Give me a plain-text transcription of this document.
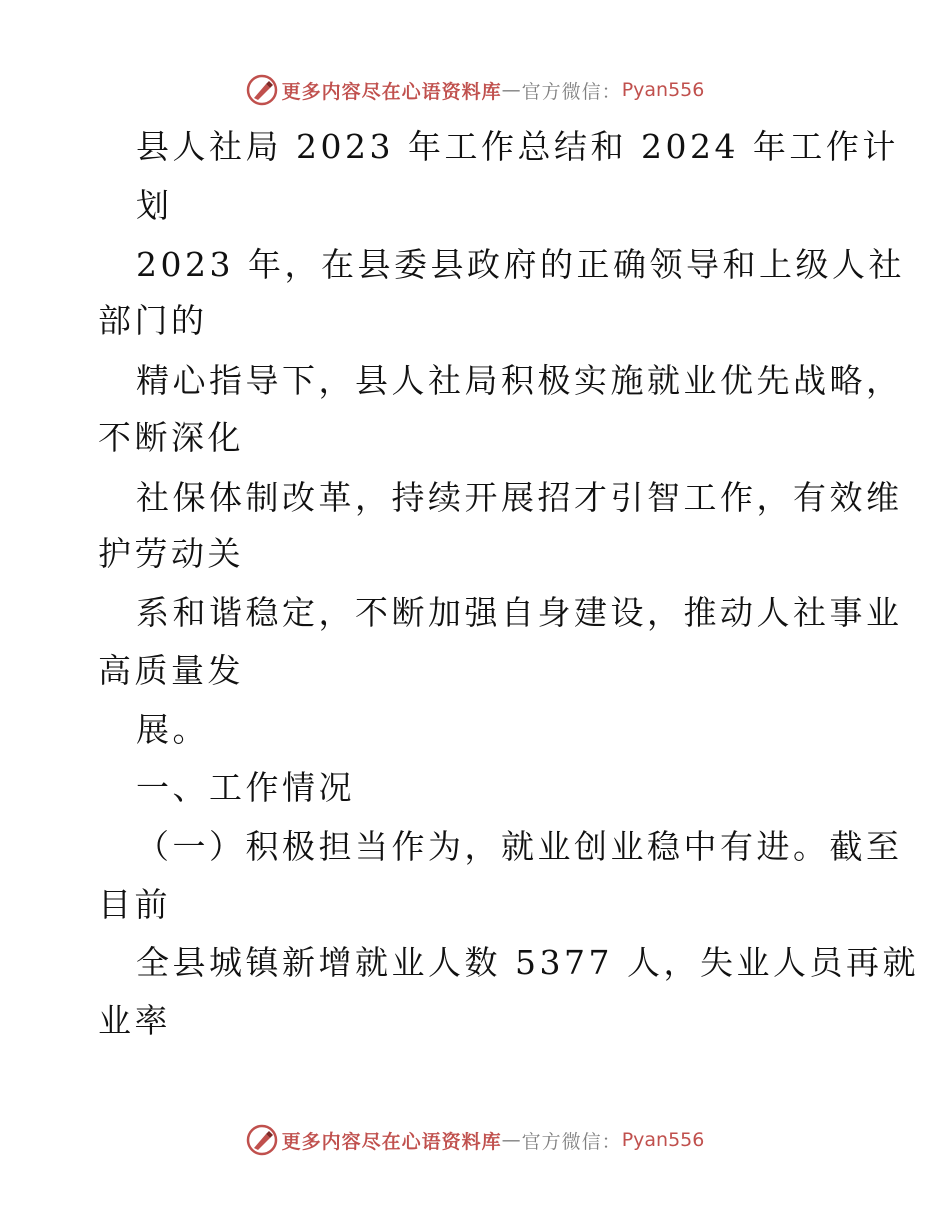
更多内容尽在心语资料库 — 官方微信： Pyan556
县人社局 2023 年工作总结和 2024 年工作计
划
2023 年，在县委县政府的正确领导和上级人社
部门的
精心指导下，县人社局积极实施就业优先战略，
不断深化
社保体制改革，持续开展招才引智工作，有效维
护劳动关
系和谐稳定，不断加强自身建设，推动人社事业
高质量发
展。
一、工作情况
（一）积极担当作为，就业创业稳中有进。截至
目前
全县城镇新增就业人数 5377 人，失业人员再就
业率
更多内容尽在心语资料库 — 官方微信： Pyan556
